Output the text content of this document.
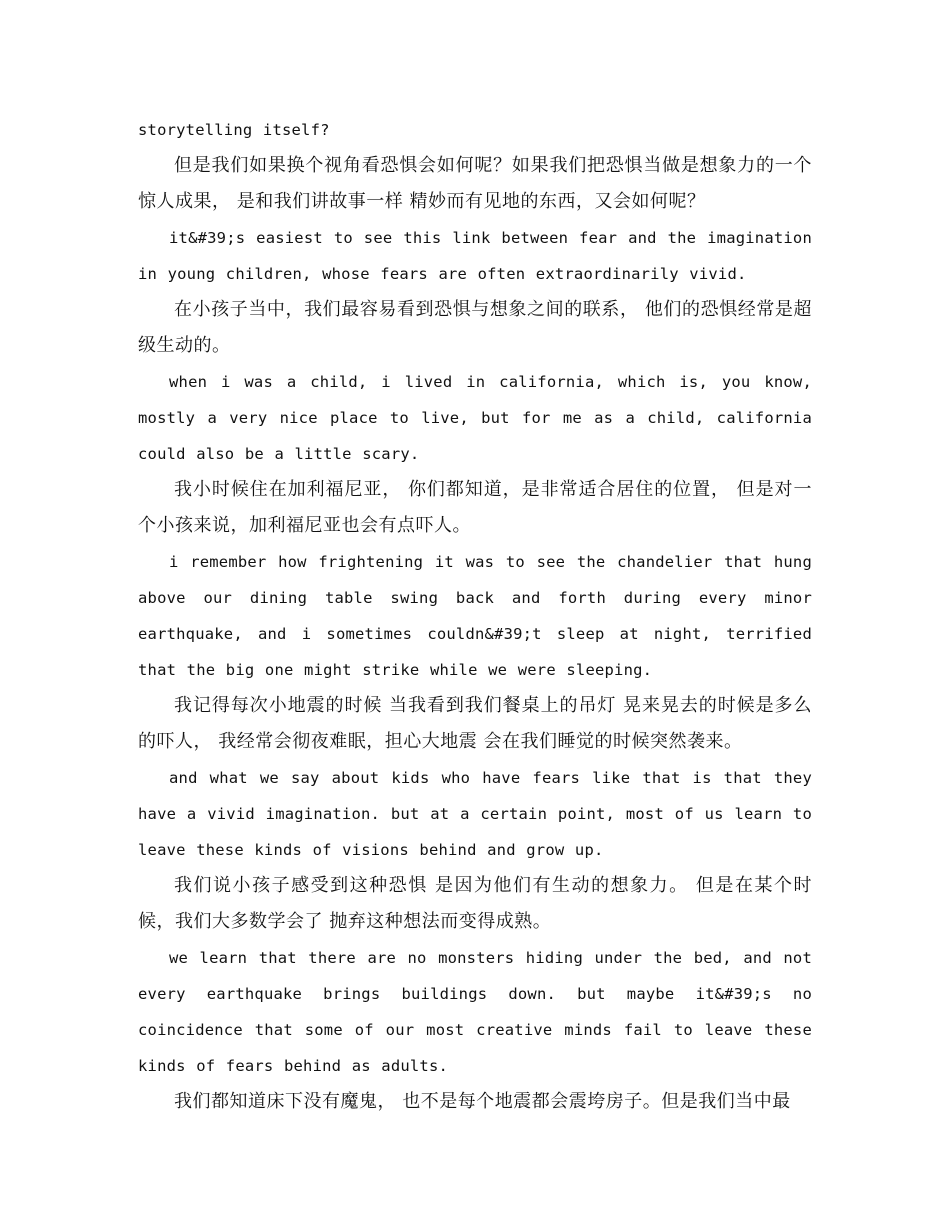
storytelling itself?

但是我们如果换个视角看恐惧会如何呢？如果我们把恐惧当做是想象力的一个惊人成果， 是和我们讲故事一样 精妙而有见地的东西，又会如何呢？

it&#39;s easiest to see this link between fear and the imagination in young children, whose fears are often extraordinarily vivid.

在小孩子当中，我们最容易看到恐惧与想象之间的联系， 他们的恐惧经常是超级生动的。

when i was a child, i lived in california, which is, you know, mostly a very nice place to live, but for me as a child, california could also be a little scary.

我小时候住在加利福尼亚， 你们都知道，是非常适合居住的位置， 但是对一个小孩来说，加利福尼亚也会有点吓人。

i remember how frightening it was to see the chandelier that hung above our dining table swing back and forth during every minor earthquake, and i sometimes couldn&#39;t sleep at night, terrified that the big one might strike while we were sleeping.

我记得每次小地震的时候 当我看到我们餐桌上的吊灯 晃来晃去的时候是多么的吓人， 我经常会彻夜难眠，担心大地震 会在我们睡觉的时候突然袭来。

and what we say about kids who have fears like that is that they have a vivid imagination. but at a certain point, most of us learn to leave these kinds of visions behind and grow up.

我们说小孩子感受到这种恐惧 是因为他们有生动的想象力。 但是在某个时候，我们大多数学会了 抛弃这种想法而变得成熟。

we learn that there are no monsters hiding under the bed, and not every earthquake brings buildings down. but maybe it&#39;s no coincidence that some of our most creative minds fail to leave these kinds of fears behind as adults.

我们都知道床下没有魔鬼， 也不是每个地震都会震垮房子。但是我们当中最
